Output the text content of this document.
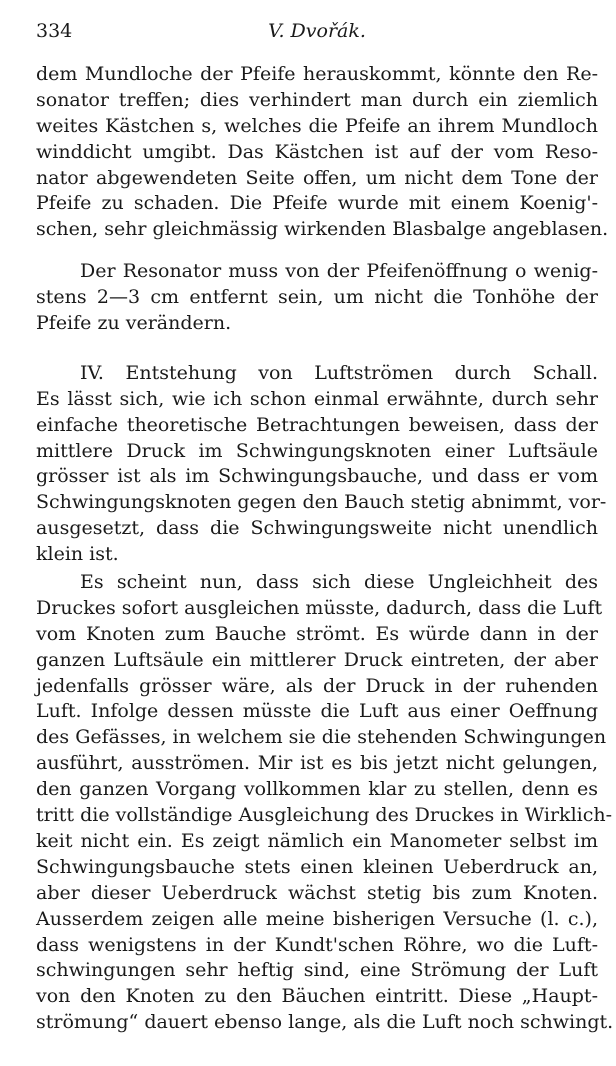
334	V. Dvořák.
dem Mundloche der Pfeife herauskommt, könnte den Re-
sonator treffen; dies verhindert man durch ein ziemlich
weites Kästchen s, welches die Pfeife an ihrem Mundloch
winddicht umgibt. Das Kästchen ist auf der vom Reso-
nator abgewendeten Seite offen, um nicht dem Tone der
Pfeife zu schaden. Die Pfeife wurde mit einem Koenig'-
schen, sehr gleichmässig wirkenden Blasbalge angeblasen.
Der Resonator muss von der Pfeifenöffnung o wenig-
stens 2—3 cm entfernt sein, um nicht die Tonhöhe der
Pfeife zu verändern.
IV. Entstehung von Luftströmen durch Schall.
Es lässt sich, wie ich schon einmal erwähnte, durch sehr
einfache theoretische Betrachtungen beweisen, dass der
mittlere Druck im Schwingungsknoten einer Luftsäule
grösser ist als im Schwingungsbauche, und dass er vom
Schwingungsknoten gegen den Bauch stetig abnimmt, vor-
ausgesetzt, dass die Schwingungsweite nicht unendlich
klein ist.
Es scheint nun, dass sich diese Ungleichheit des
Druckes sofort ausgleichen müsste, dadurch, dass die Luft
vom Knoten zum Bauche strömt. Es würde dann in der
ganzen Luftsäule ein mittlerer Druck eintreten, der aber
jedenfalls grösser wäre, als der Druck in der ruhenden
Luft. Infolge dessen müsste die Luft aus einer Oeffnung
des Gefässes, in welchem sie die stehenden Schwingungen
ausführt, ausströmen. Mir ist es bis jetzt nicht gelungen,
den ganzen Vorgang vollkommen klar zu stellen, denn es
tritt die vollständige Ausgleichung des Druckes in Wirklich-
keit nicht ein. Es zeigt nämlich ein Manometer selbst im
Schwingungsbauche stets einen kleinen Ueberdruck an,
aber dieser Ueberdruck wächst stetig bis zum Knoten.
Ausserdem zeigen alle meine bisherigen Versuche (l. c.),
dass wenigstens in der Kundt'schen Röhre, wo die Luft-
schwingungen sehr heftig sind, eine Strömung der Luft
von den Knoten zu den Bäuchen eintritt. Diese „Haupt-
strömung“ dauert ebenso lange, als die Luft noch schwingt.
